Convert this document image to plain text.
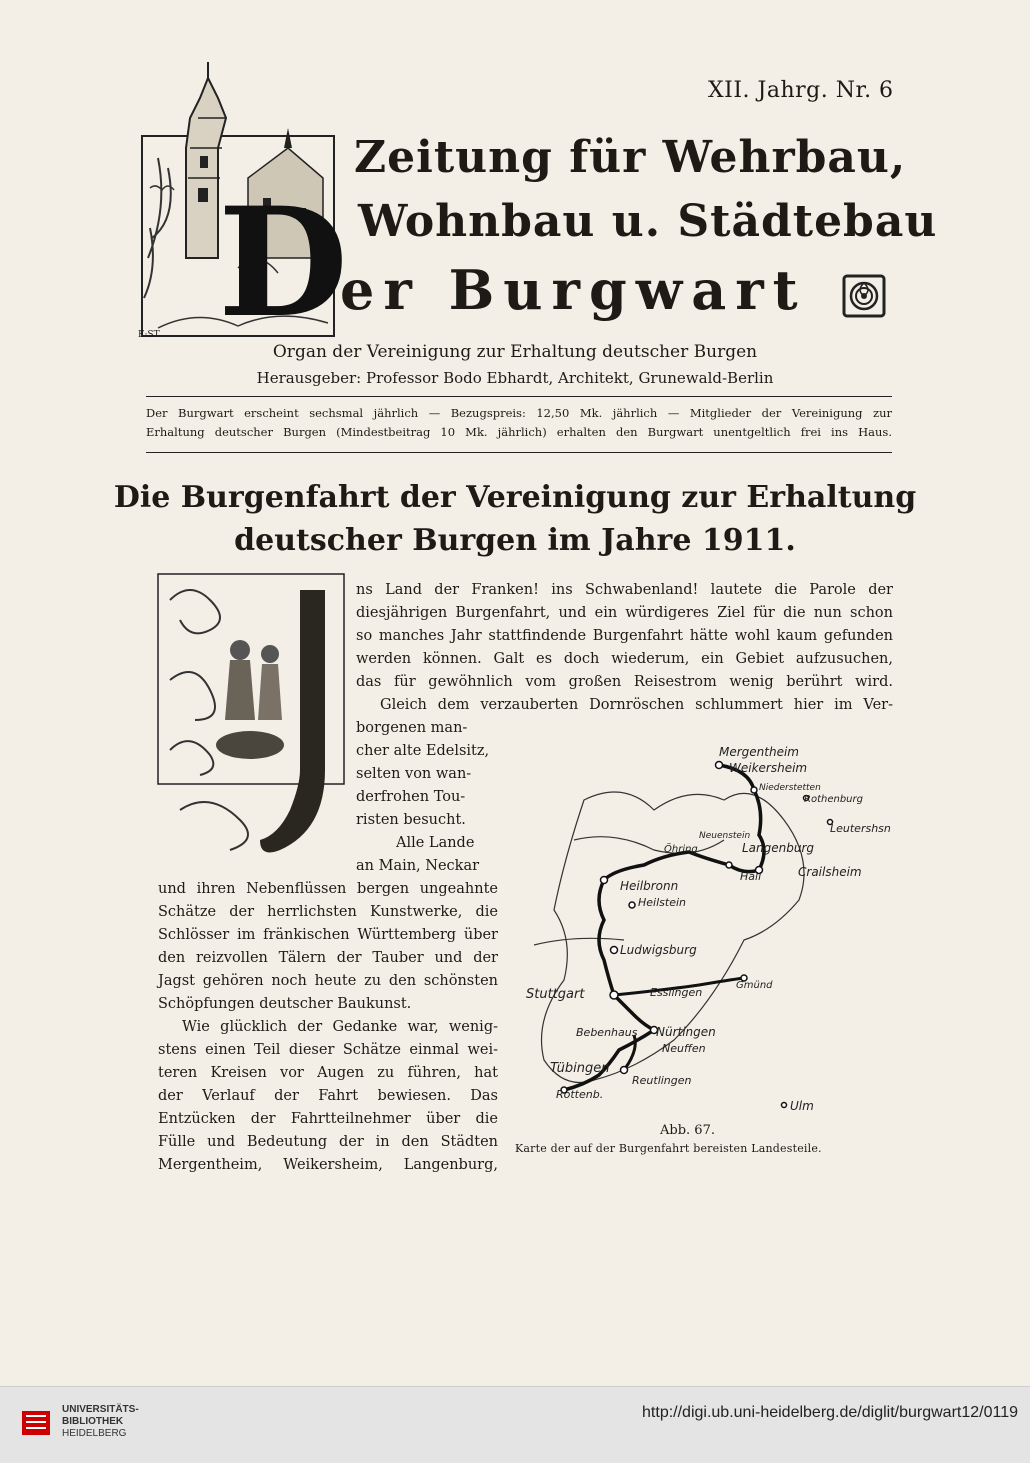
XII. Jahrg. Nr. 6
D
Zeitung für Wehrbau,
Wohnbau u. Städtebau
er Burgwart
E·ST
Organ der Vereinigung zur Erhaltung deutscher Burgen
Herausgeber: Professor Bodo Ebhardt, Architekt, Grunewald-Berlin
Der Burgwart erscheint sechsmal jährlich — Bezugspreis: 12,50 Mk. jährlich — Mitglieder der Vereinigung zur
Erhaltung deutscher Burgen (Mindestbeitrag 10 Mk. jährlich) erhalten den Burgwart unentgeltlich frei ins Haus.
Die Burgenfahrt der Vereinigung zur Erhaltung
deutscher Burgen im Jahre 1911.
ns Land der Franken! ins Schwabenland! lautete die Parole der
diesjährigen Burgenfahrt, und ein würdigeres Ziel für die nun schon
so manches Jahr stattfindende Burgenfahrt hätte wohl kaum gefunden
werden können. Galt es doch wiederum, ein Gebiet aufzusuchen,
das für gewöhnlich vom großen Reisestrom wenig berührt wird.
Gleich dem verzauberten Dornröschen schlummert hier im Ver-
borgenen man-
cher alte Edelsitz,
selten von wan-
derfrohen Tou-
risten besucht.
Alle Lande
an Main, Neckar
und ihren Nebenflüssen bergen ungeahnte
Schätze der herrlichsten Kunstwerke, die
Schlösser im fränkischen Württemberg über
den reizvollen Tälern der Tauber und der
Jagst gehören noch heute zu den schönsten
Schöpfungen deutscher Baukunst.
Wie glücklich der Gedanke war, wenig-
stens einen Teil dieser Schätze einmal wei-
teren Kreisen vor Augen zu führen, hat
der Verlauf der Fahrt bewiesen. Das
Entzücken der Fahrtteilnehmer über die
Fülle und Bedeutung der in den Städten
Mergentheim, Weikersheim, Langenburg,
Mergentheim
Weikersheim
Niederstetten
Rothenburg
Leutershsn
Öhring
Neuenstein
Langenburg
Hall	Crailsheim
Heilbronn
Heilstein
Ludwigsburg
Gmünd
Stuttgart	Esslingen
Bebenhaus Nürtingen
Neuffen
Tübingen
Reutlingen
Rottenb.
Ulm
Abb. 67.
Karte der auf der Burgenfahrt bereisten Landesteile.
UNIVERSITÄTS-
BIBLIOTHEK
HEIDELBERG
http://digi.ub.uni-heidelberg.de/diglit/burgwart12/0119
